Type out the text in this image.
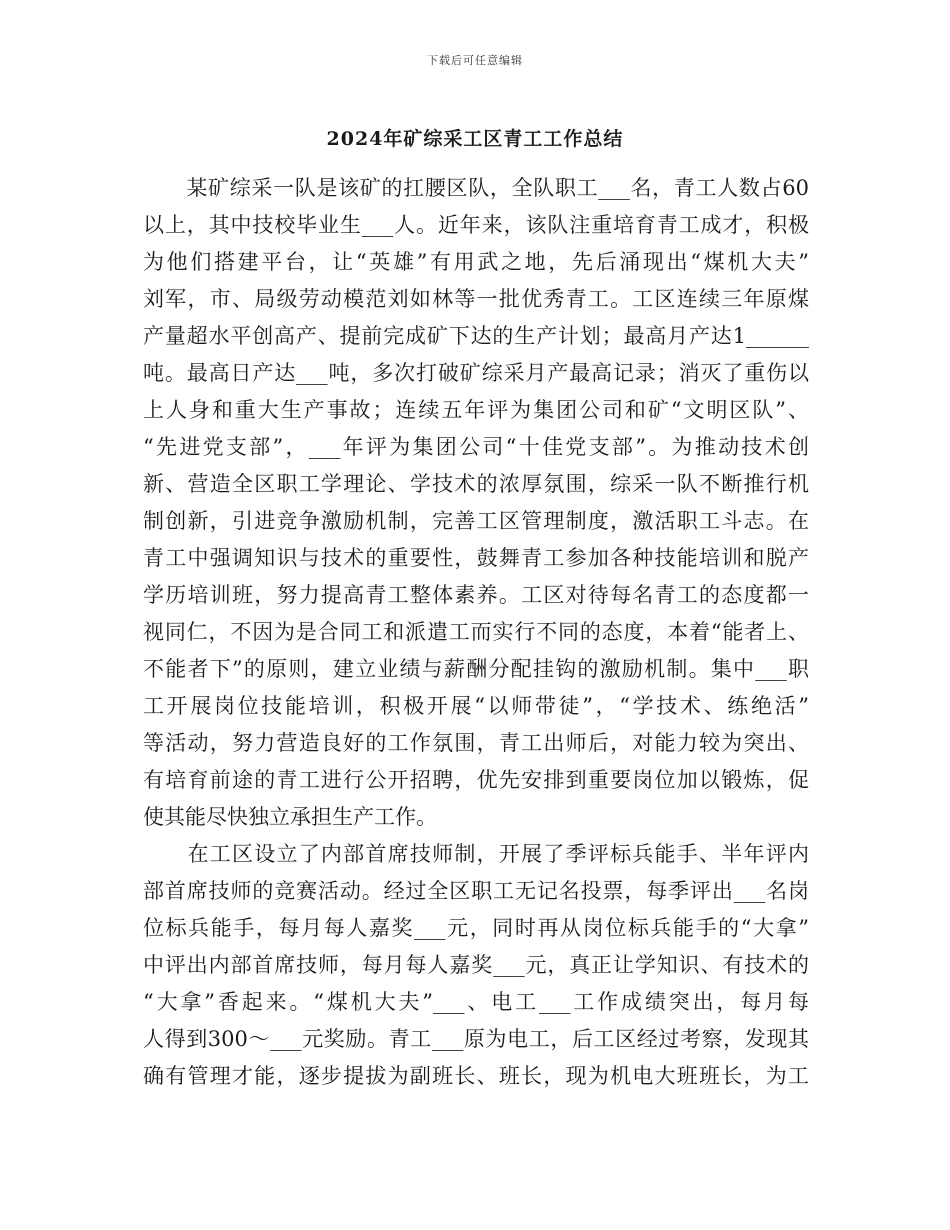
下载后可任意编辑
2024年矿综采工区青工工作总结
　　某矿综采一队是该矿的扛腰区队，全队职工___名，青工人数占60
以上，其中技校毕业生___人。近年来，该队注重培育青工成才，积极
为他们搭建平台，让“英雄”有用武之地，先后涌现出“煤机大夫”
刘军，市、局级劳动模范刘如林等一批优秀青工。工区连续三年原煤
产量超水平创高产、提前完成矿下达的生产计划；最高月产达1______
吨。最高日产达___吨，多次打破矿综采月产最高记录；消灭了重伤以
上人身和重大生产事故；连续五年评为集团公司和矿“文明区队”、
“先进党支部”，___年评为集团公司“十佳党支部”。为推动技术创
新、营造全区职工学理论、学技术的浓厚氛围，综采一队不断推行机
制创新，引进竞争激励机制，完善工区管理制度，激活职工斗志。在
青工中强调知识与技术的重要性，鼓舞青工参加各种技能培训和脱产
学历培训班，努力提高青工整体素养。工区对待每名青工的态度都一
视同仁，不因为是合同工和派遣工而实行不同的态度，本着“能者上、
不能者下”的原则，建立业绩与薪酬分配挂钩的激励机制。集中___职
工开展岗位技能培训，积极开展“以师带徒”，“学技术、练绝活”
等活动，努力营造良好的工作氛围，青工出师后，对能力较为突出、
有培育前途的青工进行公开招聘，优先安排到重要岗位加以锻炼，促
使其能尽快独立承担生产工作。
　　在工区设立了内部首席技师制，开展了季评标兵能手、半年评内
部首席技师的竞赛活动。经过全区职工无记名投票，每季评出___名岗
位标兵能手，每月每人嘉奖___元，同时再从岗位标兵能手的“大拿”
中评出内部首席技师，每月每人嘉奖___元，真正让学知识、有技术的
“大拿”香起来。“煤机大夫”___、电工___工作成绩突出，每月每
人得到300～___元奖励。青工___原为电工，后工区经过考察，发现其
确有管理才能，逐步提拔为副班长、班长，现为机电大班班长，为工
